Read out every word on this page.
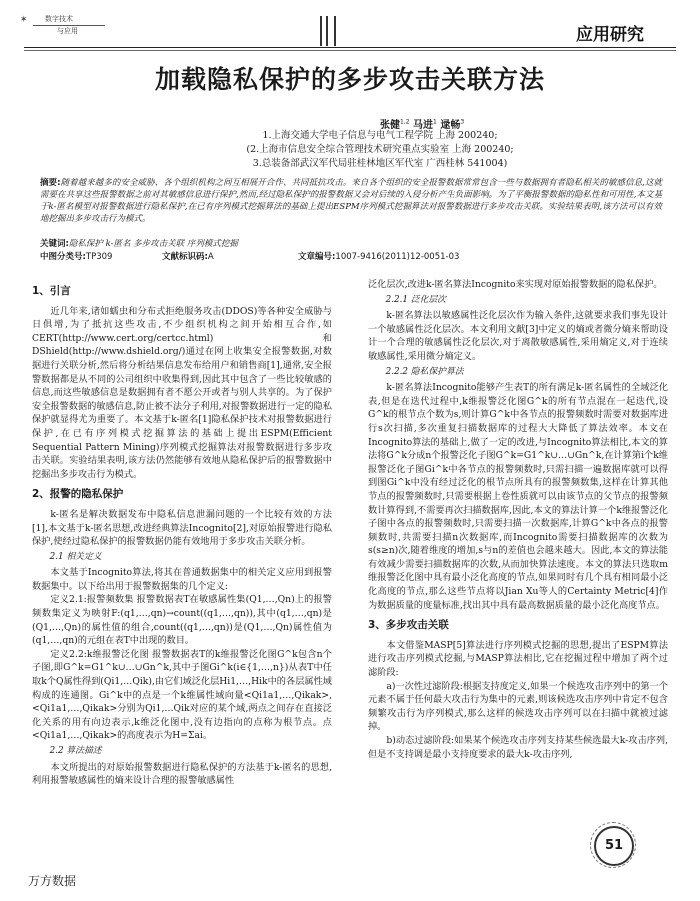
✶	数字技术
与应用	应用研究
加载隐私保护的多步攻击关联方法
张健$^{1,2}$ 马进$^1$ 逯畅$^3$
1.上海交通大学电子信息与电气工程学院 上海 200240;
(2.上海市信息安全综合管理技术研究重点实验室 上海 200240;
3.总装备部武汉军代局驻桂林地区军代室 广西桂林 541004)
摘要:随着越来越多的安全威胁、各个组织机构之间互相展开合作、共同抵抗攻击。来自各个组织的安全报警数据常常包含一些与数据拥有者隐私相关的敏感信息,这就需要在共享这些报警数据之前对其敏感信息进行保护,然而,经过隐私保护的报警数据又会对后续的入侵分析产生负面影响。为了平衡报警数据的隐私性和可用性,本文基于k-匿名模型对报警数据进行隐私保护,在已有序列模式挖掘算法的基础上提出ESPM序列模式挖掘算法对报警数据进行多步攻击关联。实验结果表明,该方法可以有效地挖掘出多步攻击行为模式。
关键词:隐私保护 k-匿名 多步攻击关联 序列模式挖掘
中图分类号:TP309	文献标识码:A	文章编号:1007-9416(2011)12-0051-03
1、引言

近几年来,诸如蠕虫和分布式拒绝服务攻击(DDOS)等各种安全威胁与日俱增,为了抵抗这些攻击,不少组织机构之间开始相互合作,如CERT(http://www.cert.org/certcc.html)和DShield(http://www.dshield.org/)通过在网上收集安全报警数据,对数据进行关联分析,然后将分析结果信息发布给用户和销售商[1],通常,安全报警数据都是从不同的公司组织中收集得到,因此其中包含了一些比较敏感的信息,而这些敏感信息是数据拥有者不愿公开或者与别人共享的。为了保护安全报警数据的敏感信息,防止被不法分子利用,对报警数据进行一定的隐私保护就显得尤为重要了。本文基于k-匿名[1]隐私保护技术对报警数据进行保护,在已有序列模式挖掘算法的基础上提出ESPM(Efficient Sequential Pattern Mining)序列模式挖掘算法对报警数据进行多步攻击关联。实验结果表明,该方法仍然能够有效地从隐私保护后的报警数据中挖掘出多步攻击行为模式。

2、报警的隐私保护

k-匿名是解决数据发布中隐私信息泄漏问题的一个比较有效的方法[1],本文基于k-匿名思想,改进经典算法Incognito[2],对原始报警进行隐私保护,使经过隐私保护的报警数据仍能有效地用于多步攻击关联分析。

2.1 相关定义

本文基于Incognito算法,将其在普通数据集中的相关定义应用到报警数据集中。以下给出用于报警数据集的几个定义:

定义2.1:报警频数集 报警数据表T在敏感属性集(Q1,…,Qn)上的报警频数集定义为映射F:(q1,…,qn)→count((q1,…,qn)),其中(q1,…,qn)是(Q1,…,Qn)的属性值的组合,count((q1,…,qn))是(Q1,…,Qn)属性值为(q1,…,qn)的元组在表T中出现的数目。

定义2.2:k维报警泛化图 报警数据表T的k维报警泛化图G^k包含n个子图,即G^k=G1^k∪…∪Gn^k,其中子图Gi^k(i∈{1,…,n})从表T中任取k个Q属性得到(Qi1,…Qik),由它们域泛化层Hi1,…,Hik中的各层属性域构成的连通图。Gi^k中的点是一个k维属性域向量<Qi1a1,…,Qikak>,<Qi1a1,…,Qikak>分别为Qi1,…Qik对应的某个域,两点之间存在直接泛化关系的用有向边表示,k维泛化图中,没有边指向的点称为根节点。点<Qi1a1,…,Qikak>的高度表示为H=Σai。

2.2 算法描述

本文所提出的对原始报警数据进行隐私保护的方法基于k-匿名的思想,利用报警敏感属性的熵来设计合理的报警敏感属性

泛化层次,改进k-匿名算法Incognito来实现对原始报警数据的隐私保护。

2.2.1 泛化层次

k-匿名算法以敏感属性泛化层次作为输入条件,这就要求我们事先设计一个敏感属性泛化层次。本文利用文献[3]中定义的熵或者微分熵来帮助设计一个合理的敏感属性泛化层次,对于离散敏感属性,采用熵定义,对于连续敏感属性,采用微分熵定义。

2.2.2 隐私保护算法

k-匿名算法Incognito能够产生表T的所有满足k-匿名属性的全域泛化表,但是在迭代过程中,k维报警泛化图G^k的所有节点混在一起迭代,设G^k的根节点个数为s,则计算G^k中各节点的报警频数时需要对数据库进行s次扫描,多次重复扫描数据库的过程大大降低了算法效率。本文在Incognito算法的基础上,做了一定的改进,与Incognito算法相比,本文的算法将G^k分成n个报警泛化子图G^k=G1^k∪…∪Gn^k,在计算第i个k维报警泛化子图Gi^k中各节点的报警频数时,只需扫描一遍数据库就可以得到图Gi^k中没有经过泛化的根节点所具有的报警频数集,这样在计算其他节点的报警频数时,只需要根据上卷性质就可以由该节点的父节点的报警频数计算得到,不需要再次扫描数据库,因此,本文的算法计算一个k维报警泛化子图中各点的报警频数时,只需要扫描一次数据库,计算G^k中各点的报警频数时,共需要扫描n次数据库,而Incognito需要扫描数据库的次数为s(s≥n)次,随着维度的增加,s与n的差值也会越来越大。因此,本文的算法能有效减少需要扫描数据库的次数,从而加快算法速度。本文的算法只选取m维报警泛化图中具有最小泛化高度的节点,如果同时有几个具有相同最小泛化高度的节点,那么这些节点将以Jian Xu等人的Certainty Metric[4]作为数据质量的度量标准,找出其中具有最高数据质量的最小泛化高度节点。

3、多步攻击关联

本文借鉴MASP[5]算法进行序列模式挖掘的思想,提出了ESPM算法进行攻击序列模式挖掘,与MASP算法相比,它在挖掘过程中增加了两个过滤阶段:

a)一次性过滤阶段:根据支持度定义,如果一个候选攻击序列中的第一个元素不属于任何最大攻击行为集中的元素,则该候选攻击序列中肯定不包含频繁攻击行为序列模式,那么这样的候选攻击序列可以在扫描中就被过滤掉。

b)动态过滤阶段:如果某个候选攻击序列支持某些候选最大k-攻击序列,但是不支持调是最小支持度要求的最大k-攻击序列,

51
万方数据
